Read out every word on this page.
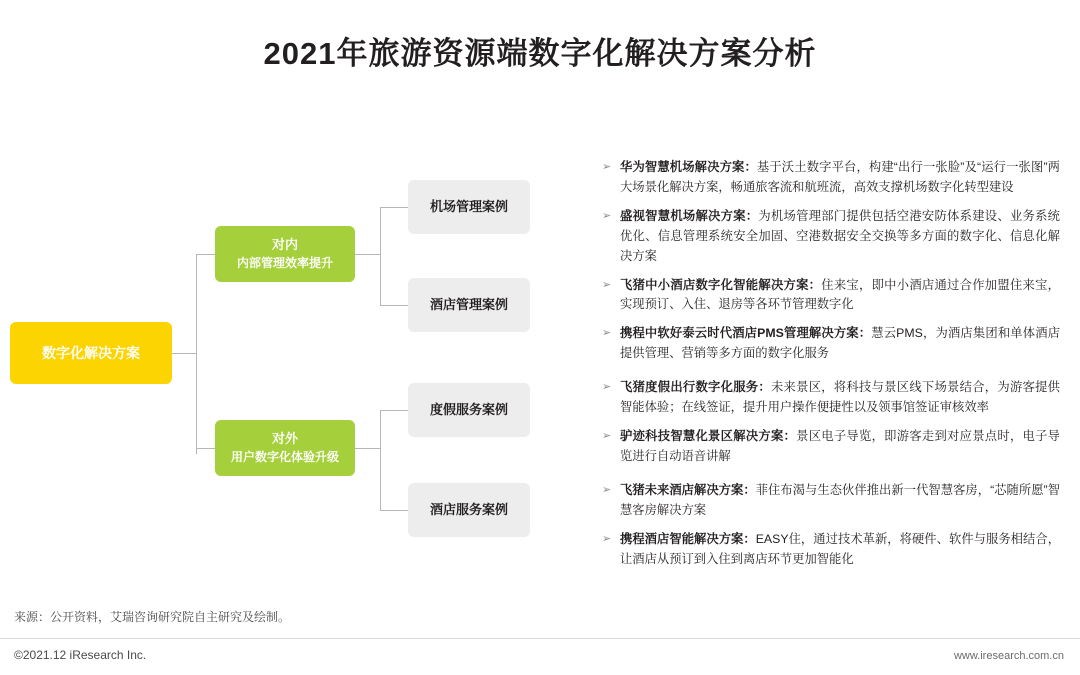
2021年旅游资源端数字化解决方案分析
数字化解决方案
对内
内部管理效率提升
对外
用户数字化体验升级
机场管理案例
酒店管理案例
度假服务案例
酒店服务案例
➢ 华为智慧机场解决方案：基于沃土数字平台，构建“出行一张脸”及“运行一张图”两大场景化解决方案，畅通旅客流和航班流，高效支撑机场数字化转型建设
➢ 盛视智慧机场解决方案：为机场管理部门提供包括空港安防体系建设、业务系统优化、信息管理系统安全加固、空港数据安全交换等多方面的数字化、信息化解决方案
➢ 飞猪中小酒店数字化智能解决方案：住来宝，即中小酒店通过合作加盟住来宝，实现预订、入住、退房等各环节管理数字化
➢ 携程中软好泰云时代酒店PMS管理解决方案：慧云PMS，为酒店集团和单体酒店提供管理、营销等多方面的数字化服务
➢ 飞猪度假出行数字化服务：未来景区，将科技与景区线下场景结合，为游客提供智能体验；在线签证，提升用户操作便捷性以及领事馆签证审核效率
➢ 驴迹科技智慧化景区解决方案：景区电子导览，即游客走到对应景点时，电子导览进行自动语音讲解
➢ 飞猪未来酒店解决方案：菲住布渴与生态伙伴推出新一代智慧客房，“芯随所愿”智慧客房解决方案
➢ 携程酒店智能解决方案：EASY住，通过技术革新，将硬件、软件与服务相结合，让酒店从预订到入住到离店环节更加智能化
来源：公开资料，艾瑞咨询研究院自主研究及绘制。
©2021.12 iResearch Inc.	www.iresearch.com.cn
